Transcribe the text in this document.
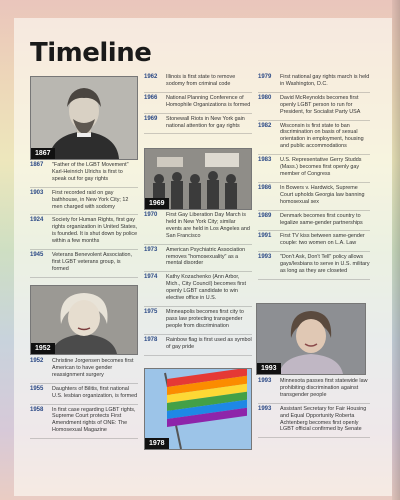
Timeline
1867
1952
1969
1978
1993
1867	"Father of the LGBT Movement" Karl-Heinrich Ulrichs is first to speak out for gay rights
1903	First recorded raid on gay bathhouse, in New York City; 12 men charged with sodomy
1924	Society for Human Rights, first gay rights organization in United States, is founded. It is shut down by police within a few months
1945	Veterans Benevolent Association, first LGBT veterans group, is formed
1952	Christine Jorgensen becomes first American to have gender reassignment surgery
1955	Daughters of Bilitis, first national U.S. lesbian organization, is formed
1958	In first case regarding LGBT rights, Supreme Court protects First Amendment rights of ONE: The Homosexual Magazine
1962	Illinois is first state to remove sodomy from criminal code
1966	National Planning Conference of Homophile Organizations is formed
1969	Stonewall Riots in New York gain national attention for gay rights
1970	First Gay Liberation Day March is held in New York City; similar events are held in Los Angeles and San Francisco
1973	American Psychiatric Association removes "homosexuality" as a mental disorder
1974	Kathy Kozachenko (Ann Arbor, Mich., City Council) becomes first openly LGBT candidate to win elective office in U.S.
1975	Minneapolis becomes first city to pass law protecting transgender people from discrimination
1978	Rainbow flag is first used as symbol of gay pride
1979	First national gay rights march is held in Washington, D.C.
1980	David McReynolds becomes first openly LGBT person to run for President, for Socialist Party USA
1982	Wisconsin is first state to ban discrimination on basis of sexual orientation in employment, housing and public accommodations
1983	U.S. Representative Gerry Studds (Mass.) becomes first openly gay member of Congress
1986	In Bowers v. Hardwick, Supreme Court upholds Georgia law banning homosexual sex
1989	Denmark becomes first country to legalize same-gender partnerships
1991	First TV kiss between same-gender couple: two women on L.A. Law
1993	"Don't Ask, Don't Tell" policy allows gays/lesbians to serve in U.S. military as long as they are closeted
1993	Minnesota passes first statewide law prohibiting discrimination against transgender people
1993	Assistant Secretary for Fair Housing and Equal Opportunity Roberta Achtenberg becomes first openly LGBT official confirmed by Senate
